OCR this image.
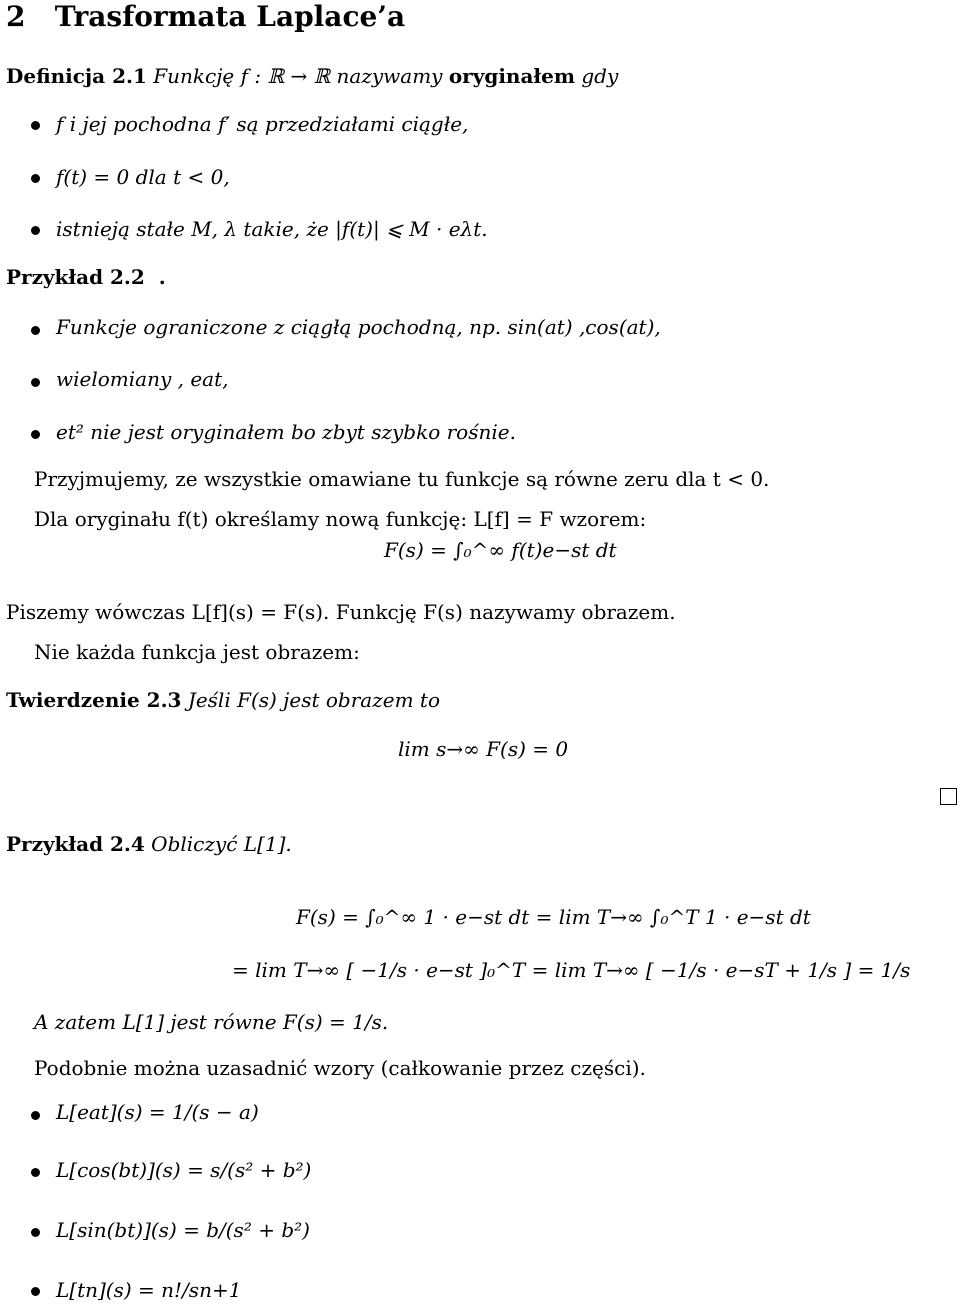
2 Trasformata Laplace’a
Definicja 2.1 Funkcję f : ℝ → ℝ nazywamy oryginałem gdy
f i jej pochodna f′ są przedziałami ciągłe,
f(t) = 0 dla t < 0,
istnieją stałe M, λ takie, że |f(t)| ⩽ M · eλt.
Przykład 2.2  .
Funkcje ograniczone z ciągłą pochodną, np. sin(at) ,cos(at),
wielomiany , eat,
et² nie jest oryginałem bo zbyt szybko rośnie.
Przyjmujemy, ze wszystkie omawiane tu funkcje są równe zeru dla t < 0.
Dla oryginału f(t) określamy nową funkcję: L[f] = F wzorem:
F(s) = ∫₀^∞ f(t)e−st dt
Piszemy wówczas L[f](s) = F(s). Funkcję F(s) nazywamy obrazem.
Nie każda funkcja jest obrazem:
Twierdzenie 2.3 Jeśli F(s) jest obrazem to
lim s→∞ F(s) = 0
Przykład 2.4 Obliczyć L[1].
F(s) = ∫₀^∞ 1 · e−st dt = lim T→∞ ∫₀^T 1 · e−st dt
= lim T→∞ [ −1/s · e−st ]₀^T = lim T→∞ [ −1/s · e−sT + 1/s ] = 1/s
A zatem L[1] jest równe F(s) = 1/s.
Podobnie można uzasadnić wzory (całkowanie przez części).
L[eat](s) = 1/(s − a)
L[cos(bt)](s) = s/(s² + b²)
L[sin(bt)](s) = b/(s² + b²)
L[tn](s) = n!/sn+1
